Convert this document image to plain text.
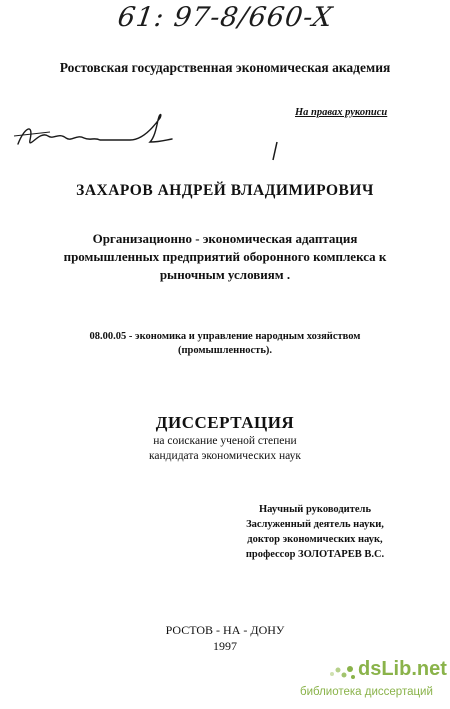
61: 97-8/660-X
Ростовская государственная экономическая академия
На правах рукописи
ЗАХАРОВ АНДРЕЙ ВЛАДИМИРОВИЧ
Организационно - экономическая адаптация
промышленных предприятий оборонного комплекса к
рыночным условиям .
08.00.05 - экономика и управление народным хозяйством
(промышленность).
ДИССЕРТАЦИЯ
на соискание ученой степени
кандидата экономических наук
Научный руководитель
Заслуженный деятель науки,
доктор экономических наук,
профессор ЗОЛОТАРЕВ В.С.
РОСТОВ - НА - ДОНУ
1997
dsLib.net
библиотека диссертаций
